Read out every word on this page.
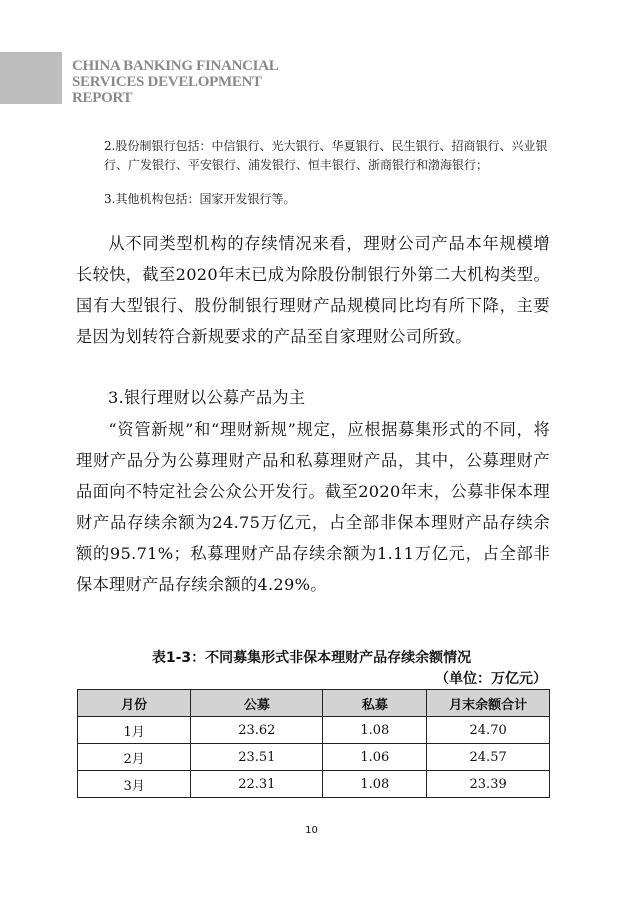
CHINA BANKING FINANCIAL
SERVICES DEVELOPMENT
REPORT
2.股份制银行包括：中信银行、光大银行、华夏银行、民生银行、招商银行、兴业银行、广发银行、平安银行、浦发银行、恒丰银行、浙商银行和渤海银行；
3.其他机构包括：国家开发银行等。

从不同类型机构的存续情况来看，理财公司产品本年规模增长较快，截至2020年末已成为除股份制银行外第二大机构类型。国有大型银行、股份制银行理财产品规模同比均有所下降，主要是因为划转符合新规要求的产品至自家理财公司所致。

3.银行理财以公募产品为主

“资管新规”和“理财新规”规定，应根据募集形式的不同，将理财产品分为公募理财产品和私募理财产品，其中，公募理财产品面向不特定社会公众公开发行。截至2020年末，公募非保本理财产品存续余额为24.75万亿元，占全部非保本理财产品存续余额的95.71%；私募理财产品存续余额为1.11万亿元，占全部非保本理财产品存续余额的4.29%。

表1-3：不同募集形式非保本理财产品存续余额情况
（单位：万亿元）
月份	公募	私募	月末余额合计
1月	23.62	1.08	24.70
2月	23.51	1.06	24.57
3月	22.31	1.08	23.39
10
